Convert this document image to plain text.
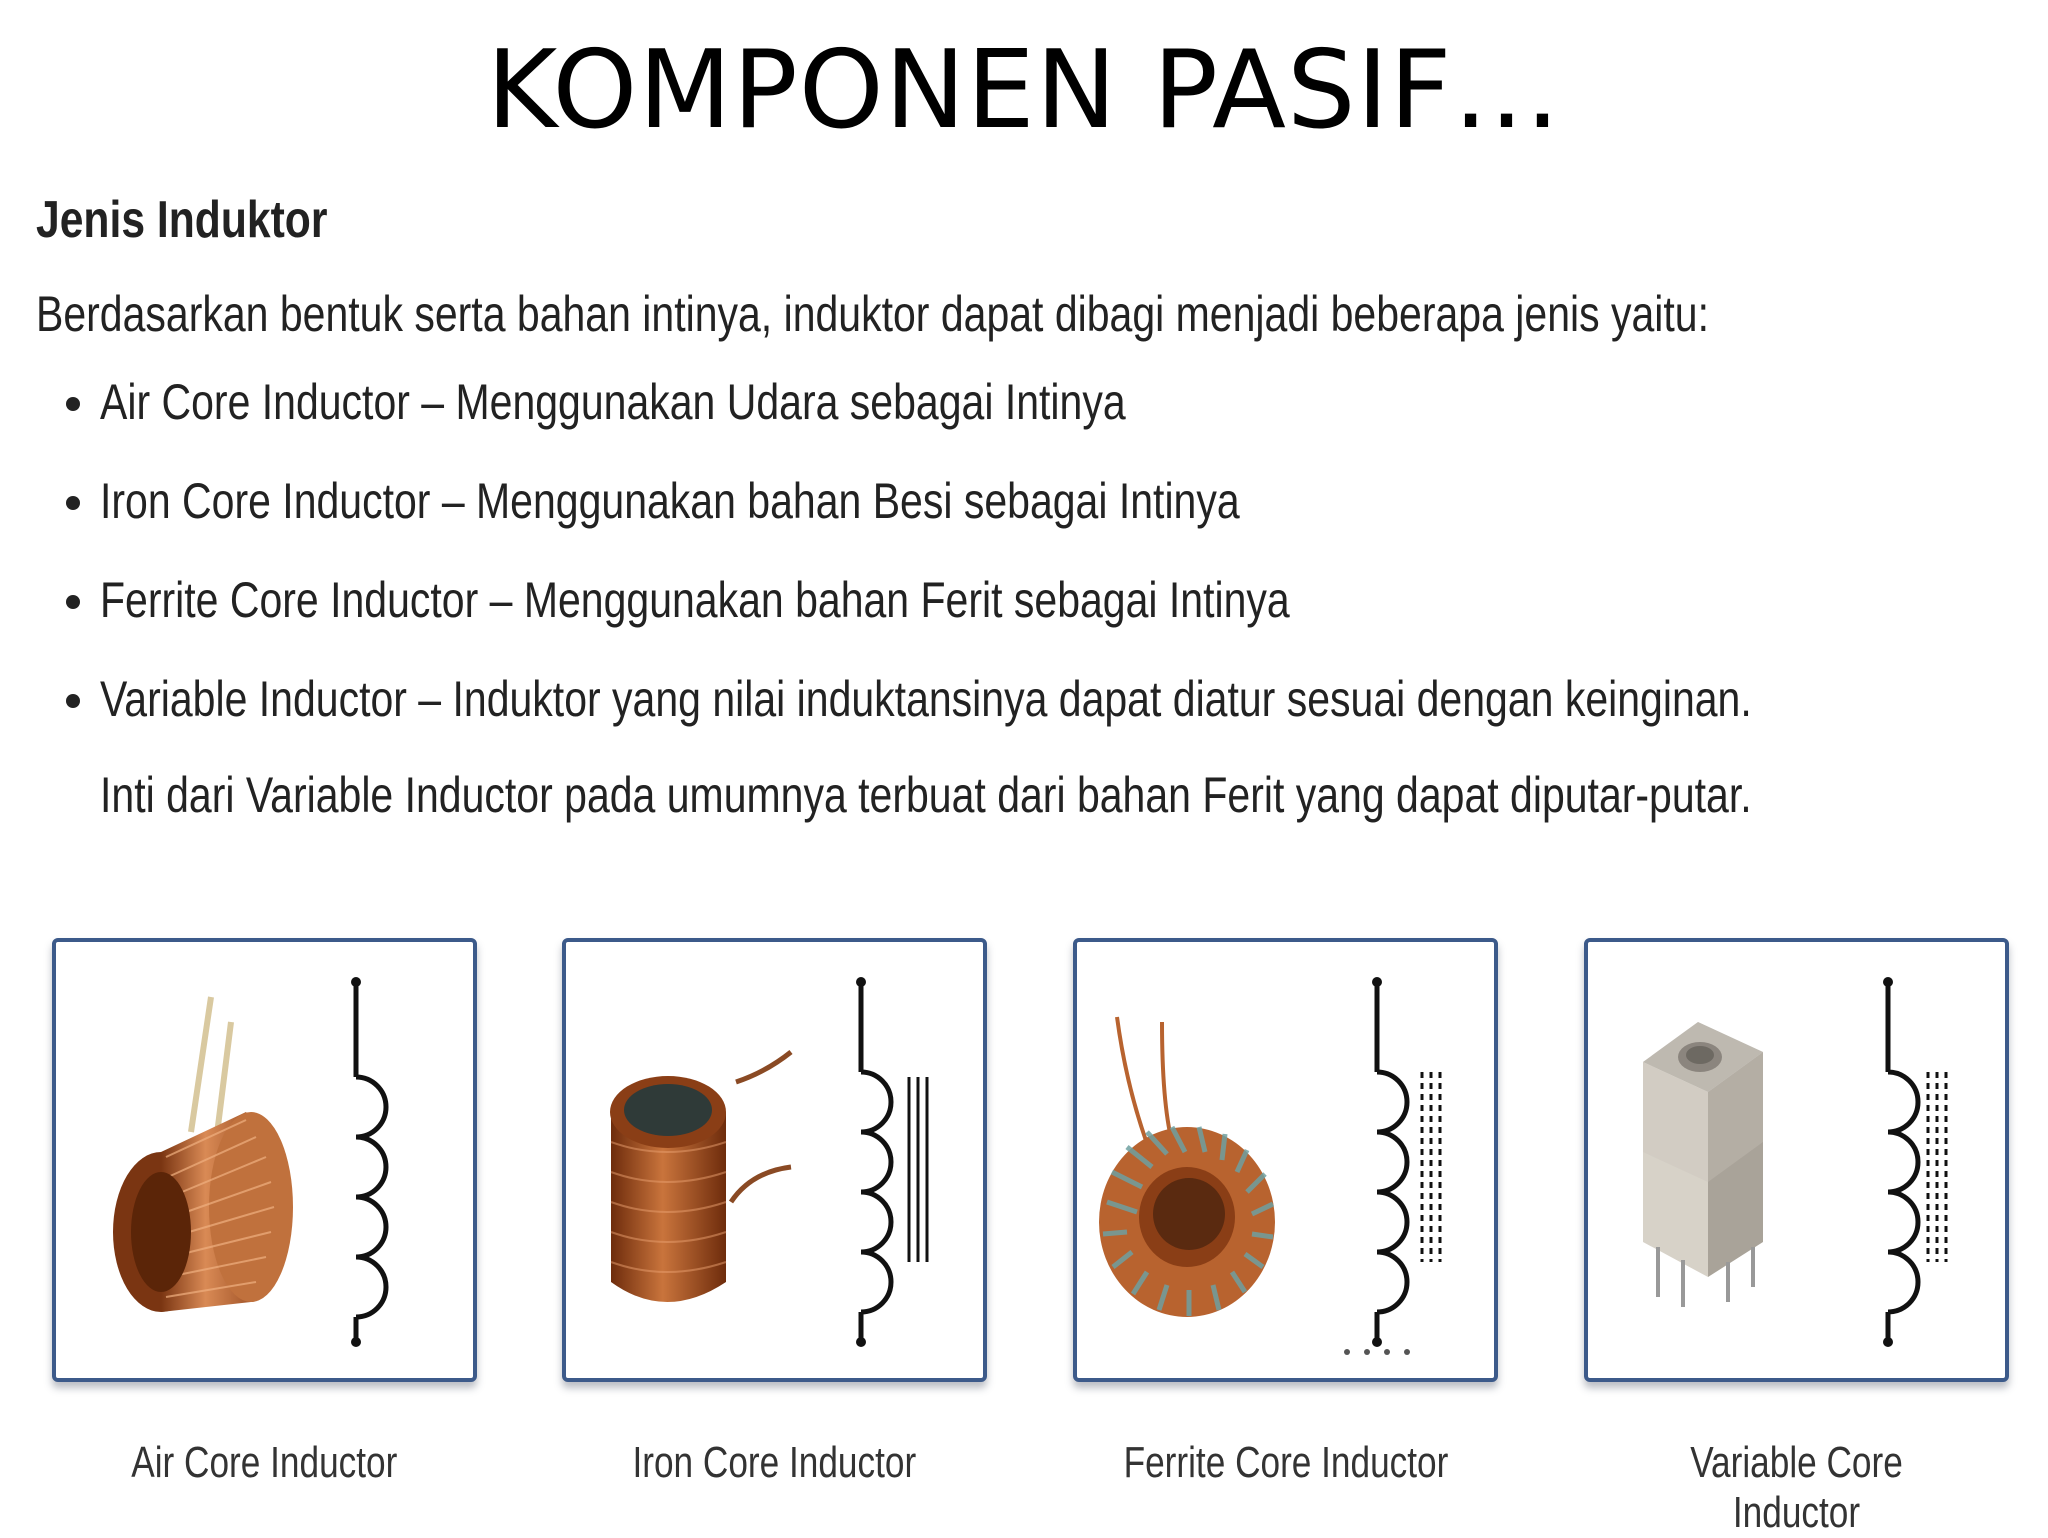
KOMPONEN PASIF…

Jenis Induktor

Berdasarkan bentuk serta bahan intinya, induktor dapat dibagi menjadi beberapa jenis yaitu:

Air Core Inductor – Menggunakan Udara sebagai Intinya
Iron Core Inductor – Menggunakan bahan Besi sebagai Intinya
Ferrite Core Inductor – Menggunakan bahan Ferit sebagai Intinya
Variable Inductor – Induktor yang nilai induktansinya dapat diatur sesuai dengan keinginan.
Inti dari Variable Inductor pada umumnya terbuat dari bahan Ferit yang dapat diputar-putar.
Air Core Inductor	Iron Core Inductor	Ferrite Core Inductor	Variable Core Inductor
